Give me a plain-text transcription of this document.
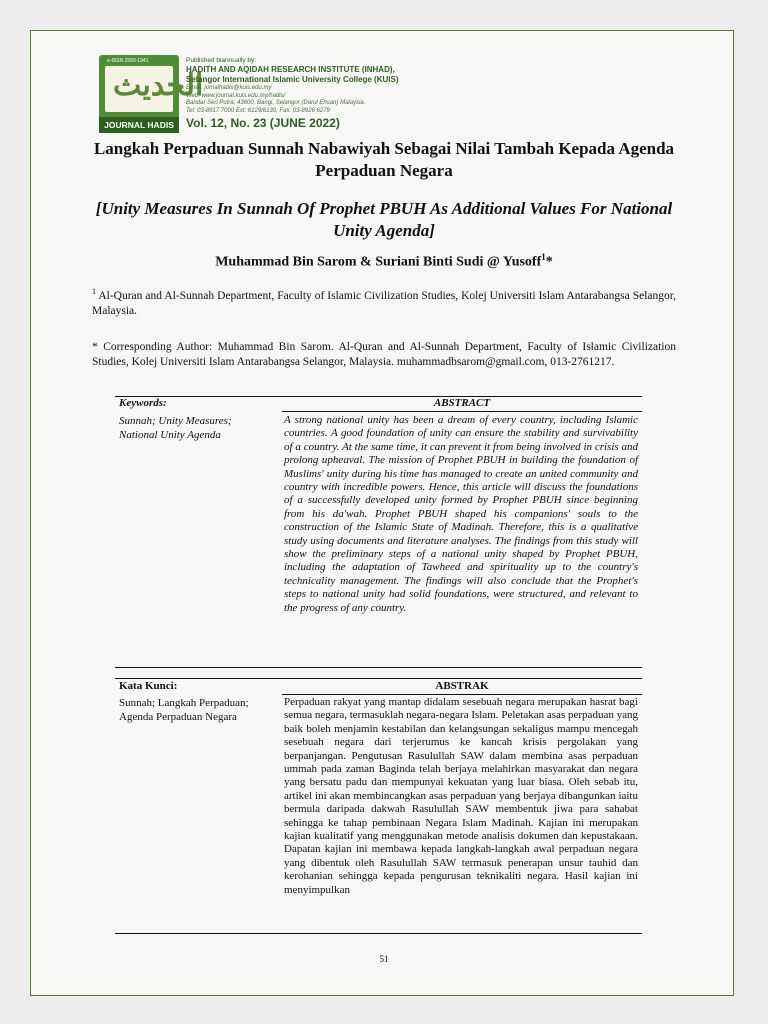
e-ISSN 2550-1941
الحديث
JOURNAL HADIS
Published biannually by:
HADITH AND AQIDAH RESEARCH INSTITUTE (INHAD),
Selangor International Islamic University College (KUIS)
Email: jurnalhadis@kuis.edu.my
Web: www.journal.kuis.edu.my/hadis/
Bandar Seri Putra, 43600, Bangi, Selangor (Darul Ehsan) Malaysia.
Tel: 03-8917 7000 Ext: 6129/6130, Fax: 03-8926 6279
Vol. 12, No. 23 (JUNE 2022)
Langkah Perpaduan Sunnah Nabawiyah Sebagai Nilai Tambah Kepada Agenda Perpaduan Negara
[Unity Measures In Sunnah Of Prophet PBUH As Additional Values For National Unity Agenda]
Muhammad Bin Sarom & Suriani Binti Sudi @ Yusoff$^1$*
$^1$ Al-Quran and Al-Sunnah Department, Faculty of Islamic Civilization Studies, Kolej Universiti Islam Antarabangsa Selangor, Malaysia.
* Corresponding Author: Muhammad Bin Sarom. Al-Quran and Al-Sunnah Department, Faculty of Islamic Civilization Studies, Kolej Universiti Islam Antarabangsa Selangor, Malaysia. muhammadbsarom@gmail.com, 013-2761217.
Keywords:	ABSTRACT
Sunnah; Unity Measures; National Unity Agenda
A strong national unity has been a dream of every country, including Islamic countries. A good foundation of unity can ensure the stability and survivability of a country. At the same time, it can prevent it from being involved in crisis and prolong upheaval. The mission of Prophet PBUH in building the foundation of Muslims' unity during his time has managed to create an united community and country with incredible powers. Hence, this article will discuss the foundations of a successfully developed unity formed by Prophet PBUH since beginning from his da'wah. Prophet PBUH shaped his companions' souls to the construction of the Islamic State of Madinah. Therefore, this is a qualitative study using documents and literature analyses. The findings from this study will show the preliminary steps of a national unity shaped by Prophet PBUH, including the adaptation of Tawheed and spirituality up to the country's technicality management. The findings will also conclude that the Prophet's steps to national unity had solid foundations, were structured, and relevant to the progress of any country.
Kata Kunci:	ABSTRAK
Sunnah; Langkah Perpaduan; Agenda Perpaduan Negara
Perpaduan rakyat yang mantap didalam sesebuah negara merupakan hasrat bagi semua negara, termasuklah negara-negara Islam. Peletakan asas perpaduan yang baik boleh menjamin kestabilan dan kelangsungan sekaligus mampu mencegah sesebuah negara dari terjerumus ke kancah krisis pergolakan yang berpanjangan. Pengutusan Rasulullah SAW dalam membina asas perpaduan ummah pada zaman Baginda telah berjaya melahirkan masyarakat dan negara yang bersatu padu dan mempunyai kekuatan yang luar biasa. Oleh sebab itu, artikel ini akan membincangkan asas perpaduan yang berjaya dibangunkan iaitu bermula daripada dakwah Rasulullah SAW membentuk jiwa para sahabat sehingga ke tahap pembinaan Negara Islam Madinah. Kajian ini merupakan kajian kualitatif yang menggunakan metode analisis dokumen dan kepustakaan. Dapatan kajian ini membawa kepada langkah-langkah awal perpaduan negara yang dibentuk oleh Rasulullah SAW termasuk penerapan unsur tauhid dan kerohanian sehingga kepada pengurusan teknikaliti negara. Hasil kajian ini menyimpulkan
51
